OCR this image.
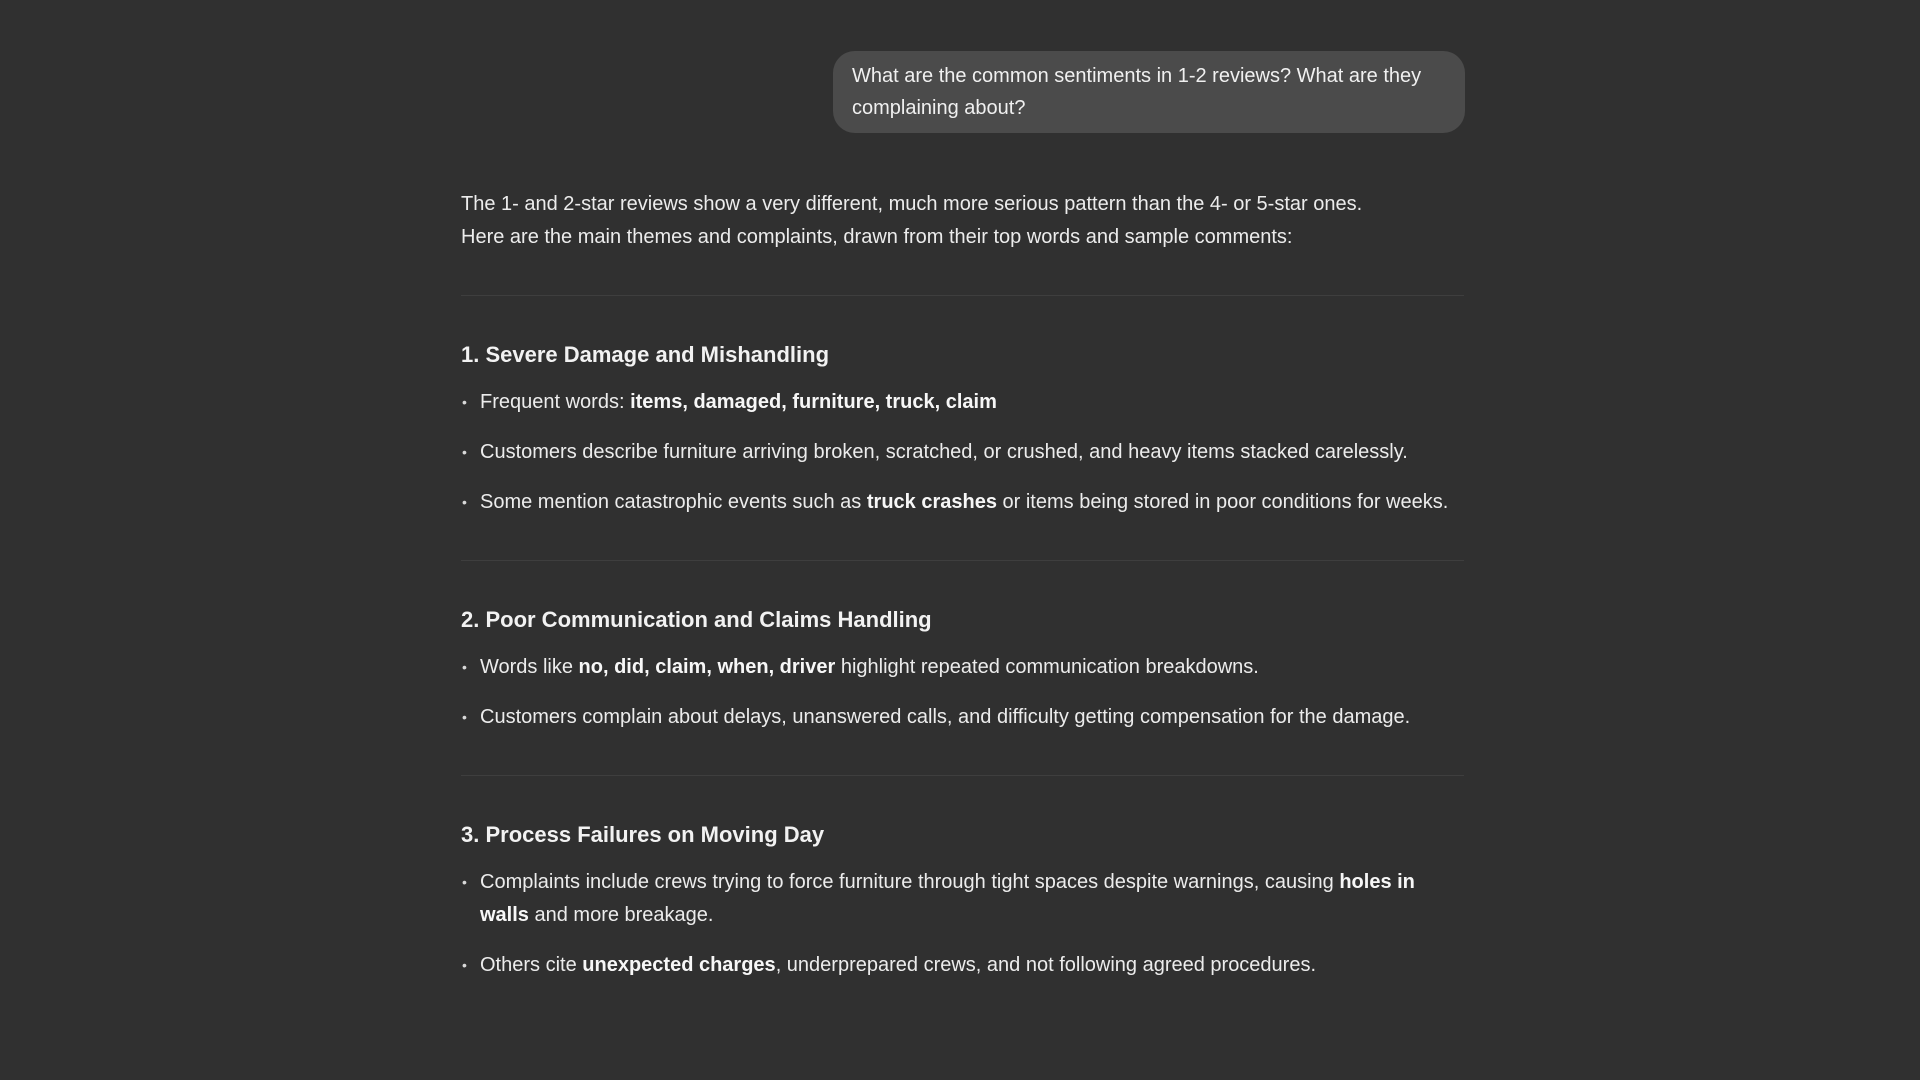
What are the common sentiments in 1-2 reviews? What are they complaining about?

The 1- and 2-star reviews show a very different, much more serious pattern than the 4- or 5-star ones.
Here are the main themes and complaints, drawn from their top words and sample comments:

1. Severe Damage and Mishandling
• Frequent words: items, damaged, furniture, truck, claim
• Customers describe furniture arriving broken, scratched, or crushed, and heavy items stacked carelessly.
• Some mention catastrophic events such as truck crashes or items being stored in poor conditions for weeks.
2. Poor Communication and Claims Handling
• Words like no, did, claim, when, driver highlight repeated communication breakdowns.
• Customers complain about delays, unanswered calls, and difficulty getting compensation for the damage.
3. Process Failures on Moving Day
• Complaints include crews trying to force furniture through tight spaces despite warnings, causing holes in walls and more breakage.
• Others cite unexpected charges, underprepared crews, and not following agreed procedures.
